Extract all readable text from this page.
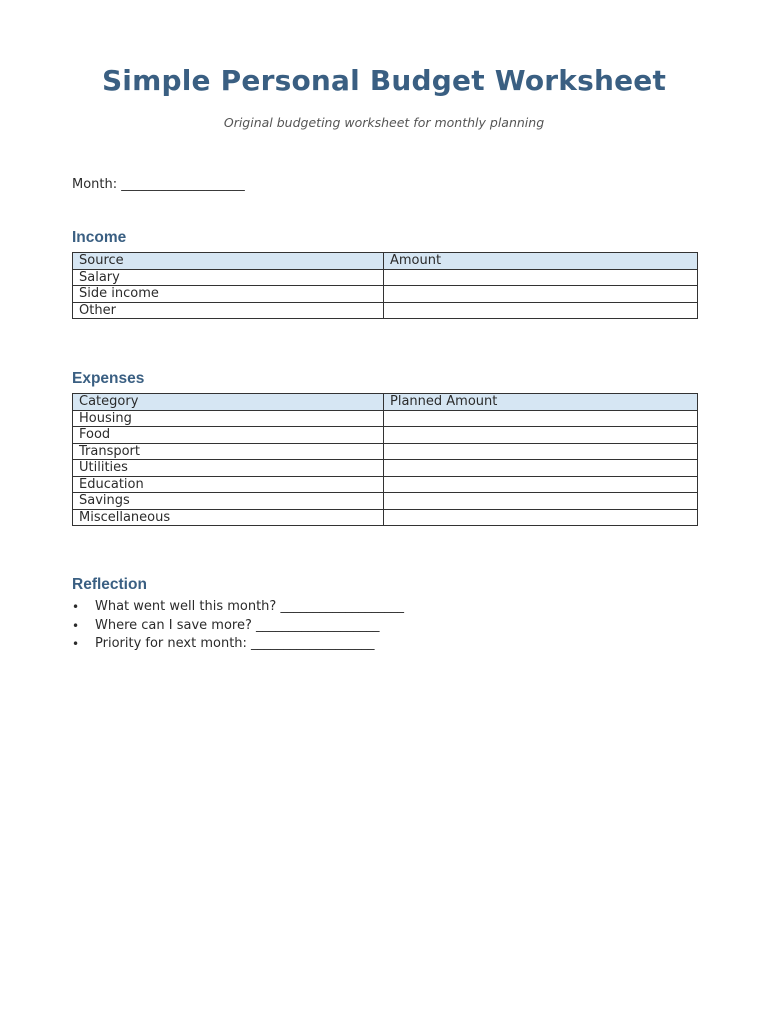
Simple Personal Budget Worksheet
Original budgeting worksheet for monthly planning
Month: ___________________
Income
Source	Amount
Salary	
Side income	
Other	
Expenses
Category	Planned Amount
Housing	
Food	
Transport	
Utilities	
Education	
Savings	
Miscellaneous	
Reflection
• What went well this month? ___________________
• Where can I save more? ___________________
• Priority for next month: ___________________
